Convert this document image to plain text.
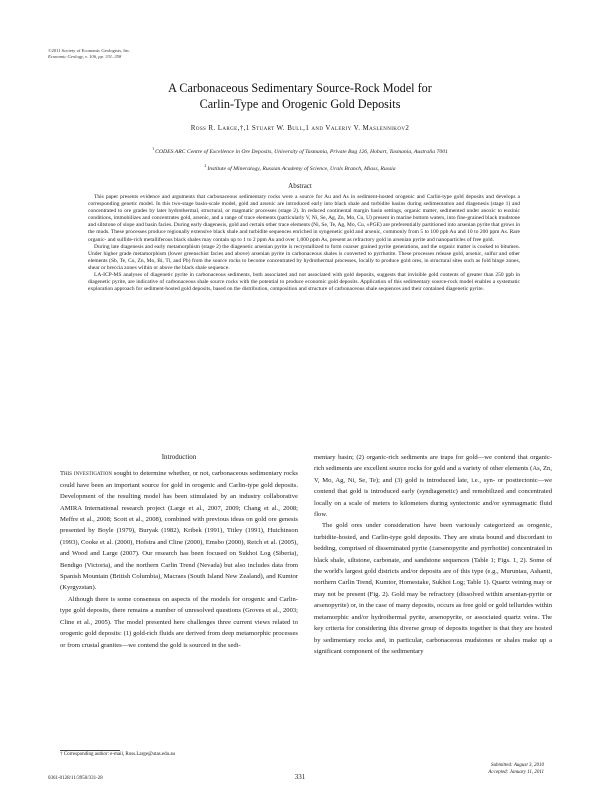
©2011 Society of Economic Geologists, Inc.
Economic Geology, v. 106, pp. 331–358
A Carbonaceous Sedimentary Source-Rock Model for
Carlin-Type and Orogenic Gold Deposits
Ross R. Large,†,1 Stuart W. Bull,1 and Valeriy V. Maslennikov2
$^1$ CODES ARC Centre of Excellence in Ore Deposits, University of Tasmania, Private Bag 126, Hobart, Tasmania, Australia 7001
$^2$ Institute of Mineralogy, Russian Academy of Science, Urals Branch, Miass, Russia
Abstract

This paper presents evidence and arguments that carbonaceous sedimentary rocks were a source for Au and As in sediment-hosted orogenic and Carlin-type gold deposits and develops a corresponding genetic model. In this two-stage basin-scale model, gold and arsenic are introduced early into black shale and turbidite basins during sedimentation and diagenesis (stage 1) and concentrated to ore grades by later hydrothermal, structural, or magmatic processes (stage 2). In reduced continental margin basin settings, organic matter, sedimented under anoxic to euxinic conditions, immobilizes and concentrates gold, arsenic, and a range of trace elements (particularly V, Ni, Se, Ag, Zn, Mo, Cu, U) present in marine bottom waters, into fine-grained black mudstone and siltstone of slope and basin facies. During early diagenesis, gold and certain other trace elements (Ni, Se, Te, Ag, Mo, Cu, ±PGE) are preferentially partitioned into arsenian pyrite that grows in the muds. These processes produce regionally extensive black shale and turbidite sequences enriched in syngenetic gold and arsenic, commonly from 5 to 100 ppb Au and 10 to 200 ppm As. Rare organic- and sulfide-rich metalliferous black shales may contain up to 1 to 2 ppm Au and over 1,000 ppm As, present as refractory gold in arsenian pyrite and nanoparticles of free gold.

During late diagenesis and early metamorphism (stage 2) the diagenetic arsenian pyrite is recrystallized to form coarser grained pyrite generations, and the organic matter is cooked to bitumen. Under higher grade metamorphism (lower greenschist facies and above) arsenian pyrite in carbonaceous shales is converted to pyrrhotite. These processes release gold, arsenic, sulfur and other elements (Sb, Te, Cu, Zn, Mo, Bi, Tl, and Pb) from the source rocks to become concentrated by hydrothermal processes, locally to produce gold ores, in structural sites such as fold hinge zones, shear or breccia zones within or above the black shale sequence.

LA-ICP-MS analyses of diagenetic pyrite in carbonaceous sediments, both associated and not associated with gold deposits, suggests that invisible gold contents of greater than 250 ppb in diagenetic pyrite, are indicative of carbonaceous shale source rocks with the potential to produce economic gold deposits. Application of this sedimentary source-rock model enables a systematic exploration approach for sediment-hosted gold deposits, based on the distribution, composition and structure of carbonaceous shale sequences and their contained diagenetic pyrite.

Introduction

This investigation sought to determine whether, or not, carbonaceous sedimentary rocks could have been an important source for gold in orogenic and Carlin-type gold deposits. Development of the resulting model has been stimulated by an industry collaborative AMIRA International research project (Large et al., 2007, 2009; Chang et al., 2008; Meffre et al., 2008; Scott et al., 2008), combined with previous ideas on gold ore genesis presented by Boyle (1979), Buryak (1982), Kribek (1991), Titley (1991), Hutchinson (1993), Cooke et al. (2000), Hofstra and Cline (2000), Emsbo (2000), Reich et al. (2005), and Wood and Large (2007). Our research has been focused on Sukhoi Log (Siberia), Bendigo (Victoria), and the northern Carlin Trend (Nevada) but also includes data from Spanish Mountain (British Columbia), Macraes (South Island New Zealand), and Kumtor (Kyrgyzstan).

Although there is some consensus on aspects of the models for orogenic and Carlin-type gold deposits, there remains a number of unresolved questions (Groves et al., 2003; Cline et al., 2005). The model presented here challenges three current views related to orogenic gold deposits: (1) gold-rich fluids are derived from deep metamorphic processes or from crustal granites—we contend the gold is sourced in the sedi-

mentary basin; (2) organic-rich sediments are traps for gold—we contend that organic-rich sediments are excellent source rocks for gold and a variety of other elements (As, Zn, V, Mo, Ag, Ni, Se, Te); and (3) gold is introduced late, i.e., syn- or posttectonic—we contend that gold is introduced early (syndiagenetic) and remobilized and concentrated locally on a scale of meters to kilometers during syntectonic and/or synmagmatic fluid flow.

The gold ores under consideration have been variously categorized as orogenic, turbidite-hosted, and Carlin-type gold deposits. They are strata bound and discordant to bedding, comprised of disseminated pyrite (±arsenopyrite and pyrrhotite) concentrated in black shale, siltstone, carbonate, and sandstone sequences (Table 1; Figs. 1, 2). Some of the world's largest gold districts and/or deposits are of this type (e.g., Muruntau, Ashanti, northern Carlin Trend, Kumtor, Homestake, Sukhoi Log; Table 1). Quartz veining may or may not be present (Fig. 2). Gold may be refractory (dissolved within arsenian-pyrite or arsenopyrite) or, in the case of many deposits, occurs as free gold or gold tellurides within metamorphic and/or hydrothermal pyrite, arsenopyrite, or associated quartz veins. The key criteria for considering this diverse group of deposits together is that they are hosted by sedimentary rocks and, in particular, carbonaceous mudstones or shales make up a significant component of the sedimentary

† Corresponding author: e-mail, Ross.Large@utas.edu.au
0361-0128/11/3950/331-28	331
Submitted: August 3, 2010
Accepted: January 11, 2011
